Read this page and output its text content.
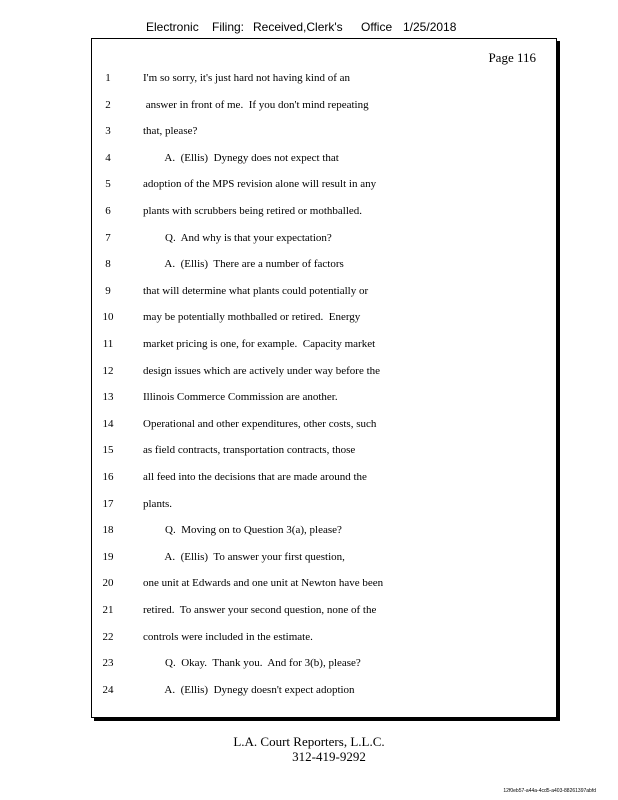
Electronic Filing: Received,Clerk's Office 1/25/2018
Page 116
1	I'm so sorry, it's just hard not having kind of an
2	answer in front of me.  If you don't mind repeating
3	that, please?
4	A.  (Ellis)  Dynegy does not expect that
5	adoption of the MPS revision alone will result in any
6	plants with scrubbers being retired or mothballed.
7	Q.  And why is that your expectation?
8	A.  (Ellis)  There are a number of factors
9	that will determine what plants could potentially or
10	may be potentially mothballed or retired.  Energy
11	market pricing is one, for example.  Capacity market
12	design issues which are actively under way before the
13	Illinois Commerce Commission are another.
14	Operational and other expenditures, other costs, such
15	as field contracts, transportation contracts, those
16	all feed into the decisions that are made around the
17	plants.
18	Q.  Moving on to Question 3(a), please?
19	A.  (Ellis)  To answer your first question,
20	one unit at Edwards and one unit at Newton have been
21	retired.  To answer your second question, none of the
22	controls were included in the estimate.
23	Q.  Okay.  Thank you.  And for 3(b), please?
24	A.  (Ellis)  Dynegy doesn't expect adoption
L.A. Court Reporters, L.L.C.
312-419-9292
12f0eb57-a44a-4cd5-a403-88261397abfd
